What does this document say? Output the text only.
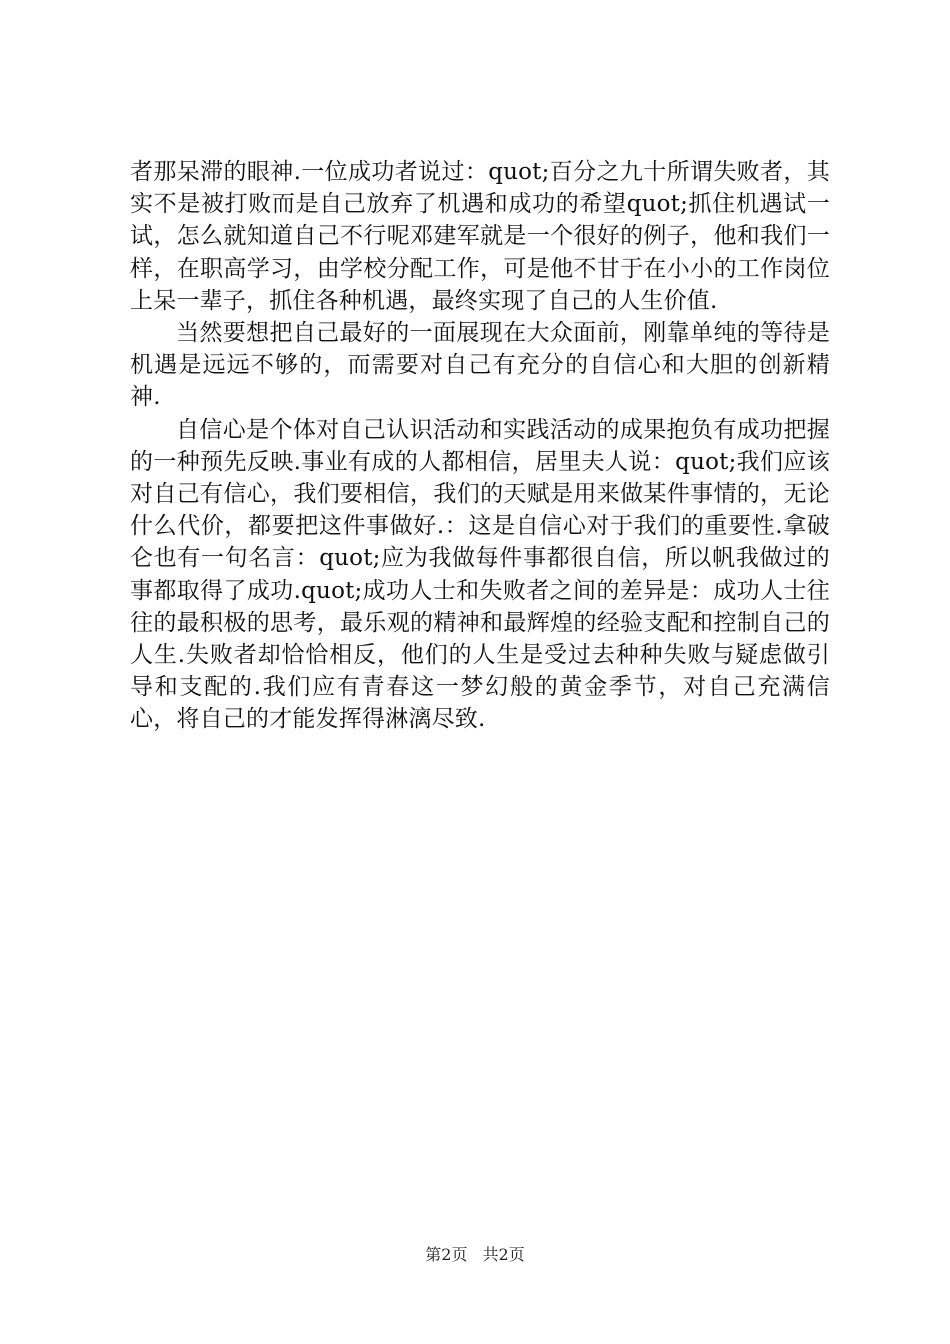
者那呆滞的眼神.一位成功者说过：quot;百分之九十所谓失败者，其实不是被打败而是自己放弃了机遇和成功的希望quot;抓住机遇试一试，怎么就知道自己不行呢邓建军就是一个很好的例子，他和我们一样，在职高学习，由学校分配工作，可是他不甘于在小小的工作岗位上呆一辈子，抓住各种机遇，最终实现了自己的人生价值.

当然要想把自己最好的一面展现在大众面前，刚靠单纯的等待是机遇是远远不够的，而需要对自己有充分的自信心和大胆的创新精神.

自信心是个体对自己认识活动和实践活动的成果抱负有成功把握的一种预先反映.事业有成的人都相信，居里夫人说：quot;我们应该对自己有信心，我们要相信，我们的天赋是用来做某件事情的，无论什么代价，都要把这件事做好.：这是自信心对于我们的重要性.拿破仑也有一句名言：quot;应为我做每件事都很自信，所以帆我做过的事都取得了成功.quot;成功人士和失败者之间的差异是：成功人士往往的最积极的思考，最乐观的精神和最辉煌的经验支配和控制自己的人生.失败者却恰恰相反，他们的人生是受过去种种失败与疑虑做引导和支配的.我们应有青春这一梦幻般的黄金季节，对自己充满信心，将自己的才能发挥得淋漓尽致.

第2页 共2页
